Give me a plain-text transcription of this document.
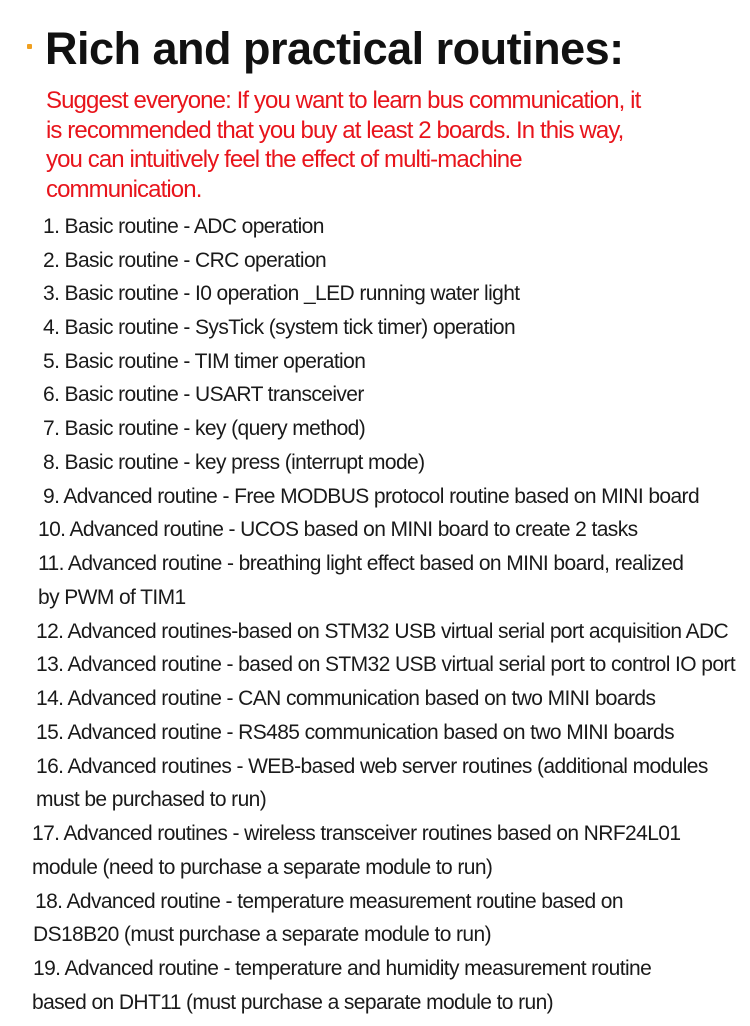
Rich and practical routines:

Suggest everyone: If you want to learn bus communication, it

is recommended that you buy at least 2 boards. In this way,

you can intuitively feel the effect of multi-machine

communication.

1. Basic routine - ADC operation
2. Basic routine - CRC operation
3. Basic routine - I0 operation _LED running water light
4. Basic routine - SysTick (system tick timer) operation
5. Basic routine - TIM timer operation
6. Basic routine - USART transceiver
7. Basic routine - key (query method)
8. Basic routine - key press (interrupt mode)
9. Advanced routine - Free MODBUS protocol routine based on MINI board
10. Advanced routine - UCOS based on MINI board to create 2 tasks
11. Advanced routine - breathing light effect based on MINI board, realized
by PWM of TIM1
12. Advanced routines-based on STM32 USB virtual serial port acquisition ADC
13. Advanced routine - based on STM32 USB virtual serial port to control IO port
14. Advanced routine - CAN communication based on two MINI boards
15. Advanced routine - RS485 communication based on two MINI boards
16. Advanced routines - WEB-based web server routines (additional modules
must be purchased to run)
17. Advanced routines - wireless transceiver routines based on NRF24L01
module (need to purchase a separate module to run)
18. Advanced routine - temperature measurement routine based on
DS18B20 (must purchase a separate module to run)
19. Advanced routine - temperature and humidity measurement routine
based on DHT11 (must purchase a separate module to run)
